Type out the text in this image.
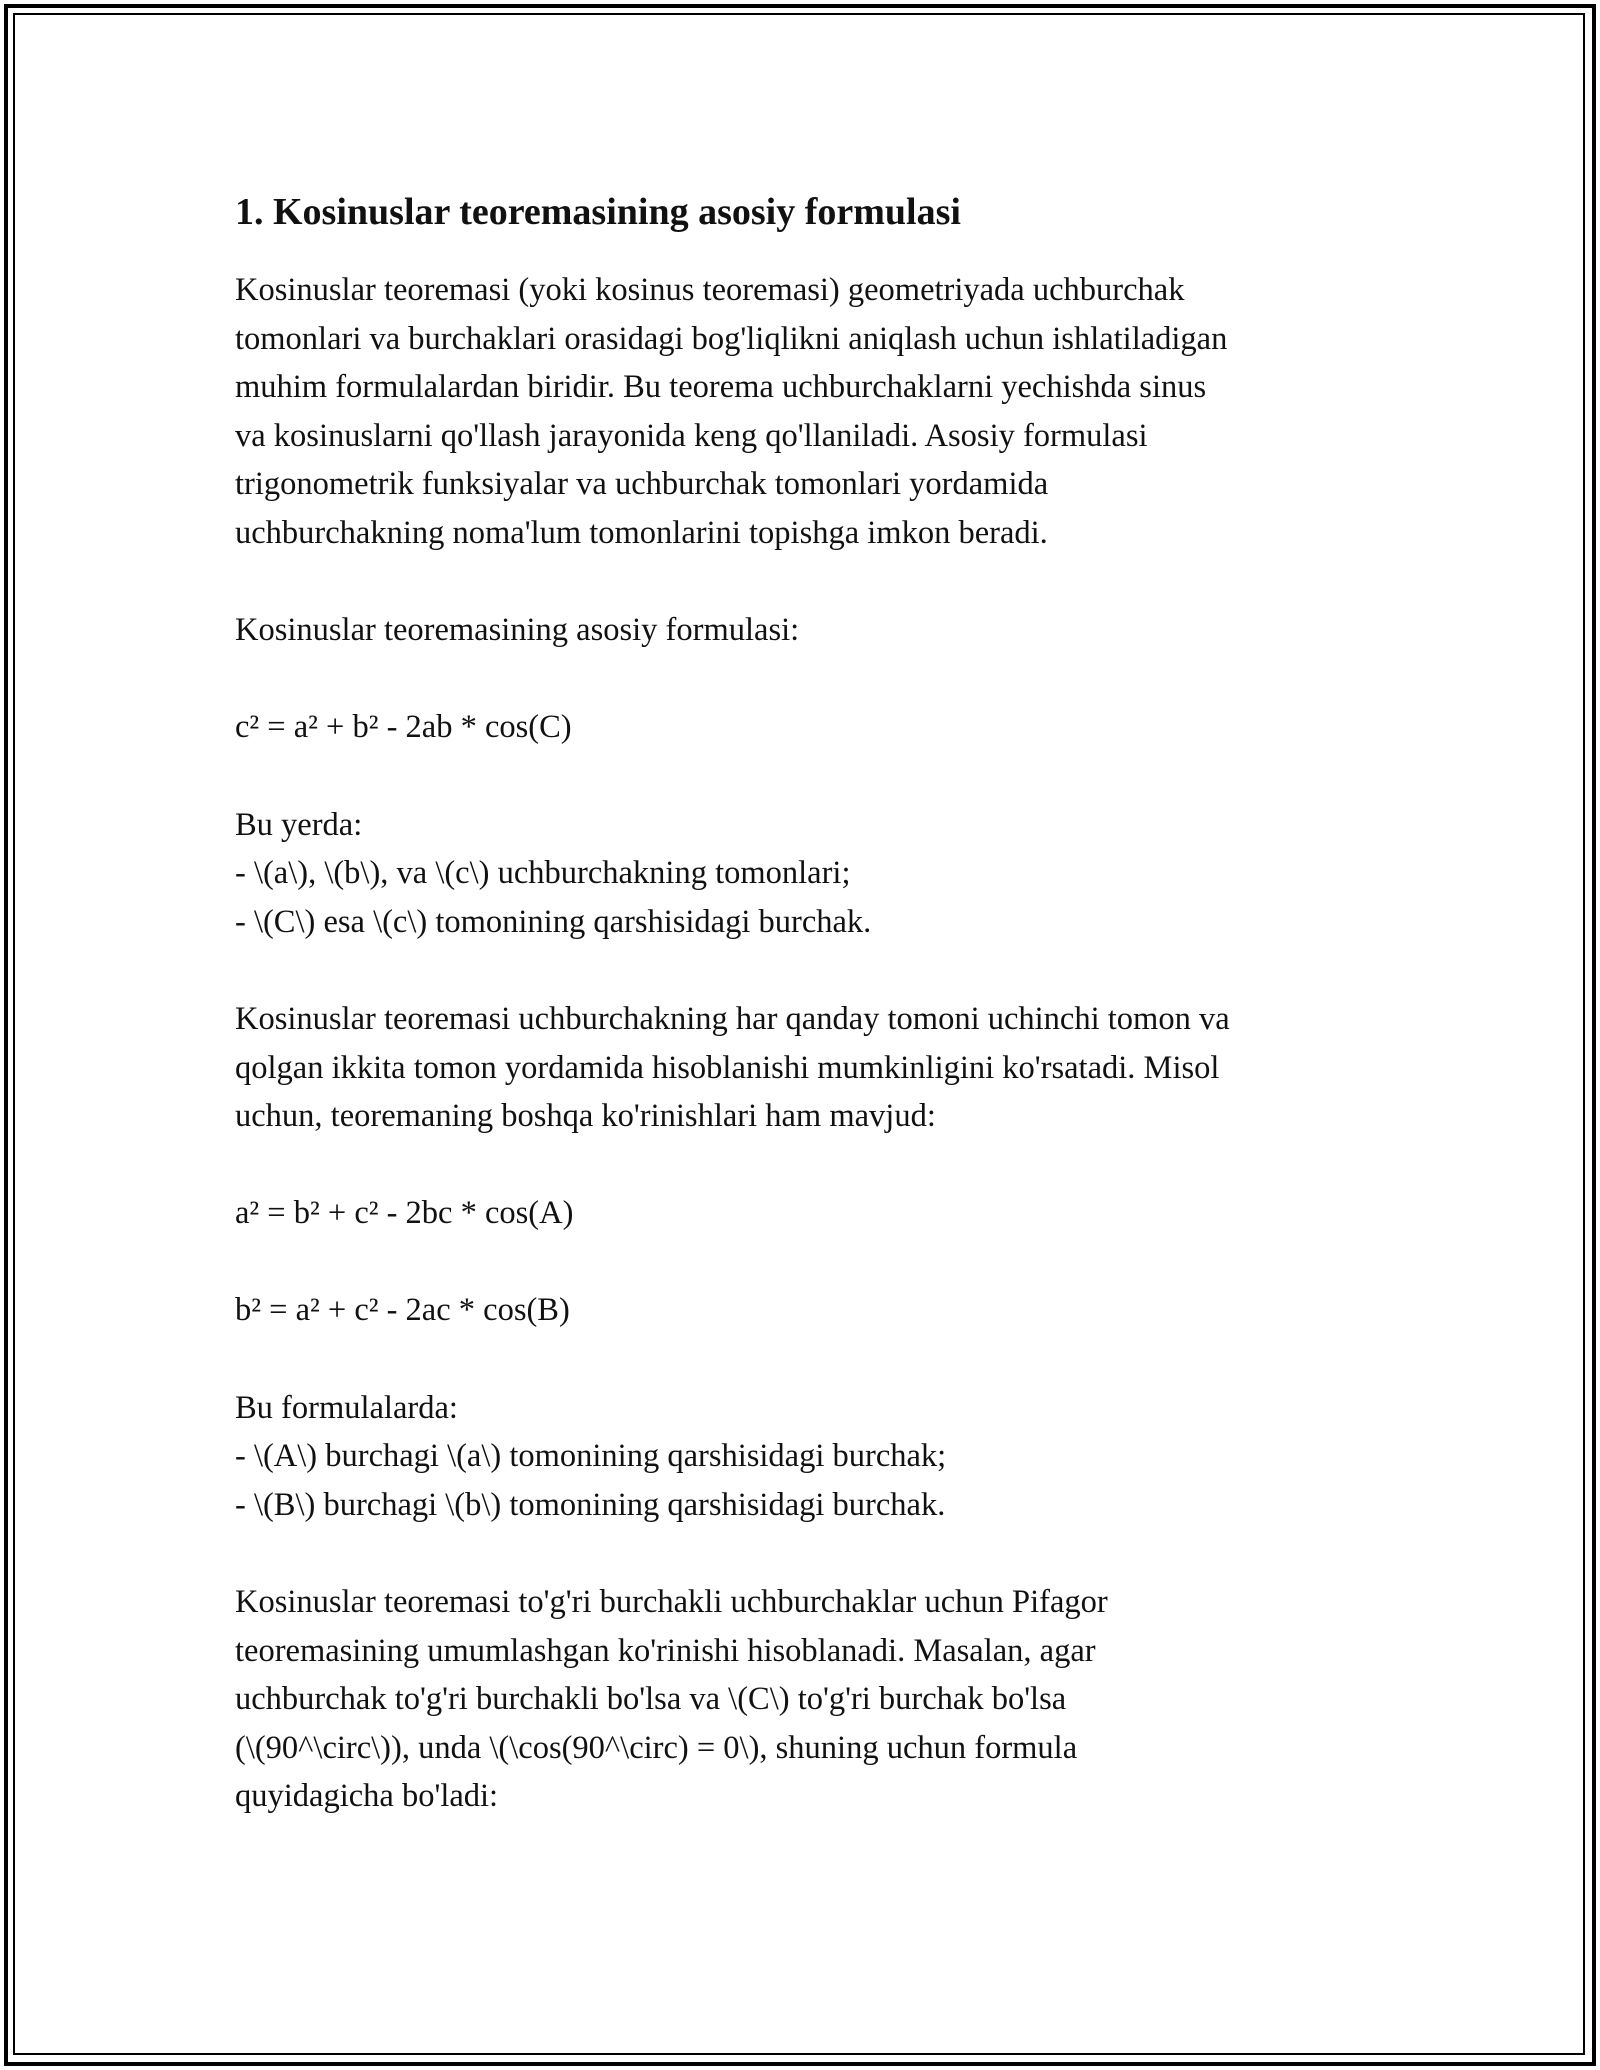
1. Kosinuslar teoremasining asosiy formulasi

Kosinuslar teoremasi (yoki kosinus teoremasi) geometriyada uchburchak
tomonlari va burchaklari orasidagi bog'liqlikni aniqlash uchun ishlatiladigan
muhim formulalardan biridir. Bu teorema uchburchaklarni yechishda sinus
va kosinuslarni qo'llash jarayonida keng qo'llaniladi. Asosiy formulasi
trigonometrik funksiyalar va uchburchak tomonlari yordamida
uchburchakning noma'lum tomonlarini topishga imkon beradi.

Kosinuslar teoremasining asosiy formulasi:
c² = a² + b² - 2ab * cos(C)
Bu yerda:
- \(a\), \(b\), va \(c\) uchburchakning tomonlari;
- \(C\) esa \(c\) tomonining qarshisidagi burchak.

Kosinuslar teoremasi uchburchakning har qanday tomoni uchinchi tomon va
qolgan ikkita tomon yordamida hisoblanishi mumkinligini ko'rsatadi. Misol
uchun, teoremaning boshqa ko'rinishlari ham mavjud:

a² = b² + c² - 2bc * cos(A)
b² = a² + c² - 2ac * cos(B)
Bu formulalarda:
- \(A\) burchagi \(a\) tomonining qarshisidagi burchak;
- \(B\) burchagi \(b\) tomonining qarshisidagi burchak.

Kosinuslar teoremasi to'g'ri burchakli uchburchaklar uchun Pifagor
teoremasining umumlashgan ko'rinishi hisoblanadi. Masalan, agar
uchburchak to'g'ri burchakli bo'lsa va \(C\) to'g'ri burchak bo'lsa
(\(90^\circ\)), unda \(\cos(90^\circ) = 0\), shuning uchun formula
quyidagicha bo'ladi:
